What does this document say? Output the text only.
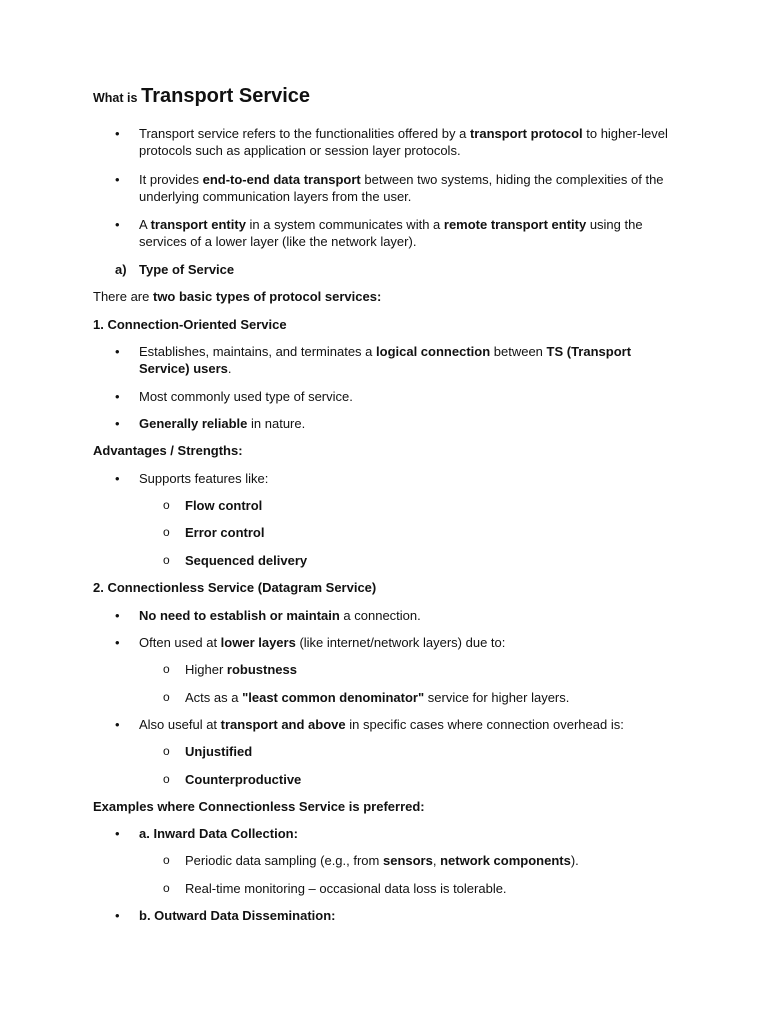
What is Transport Service
• Transport service refers to the functionalities offered by a transport protocol to higher-level protocols such as application or session layer protocols.
• It provides end-to-end data transport between two systems, hiding the complexities of the underlying communication layers from the user.
• A transport entity in a system communicates with a remote transport entity using the services of a lower layer (like the network layer).
a) Type of Service
There are two basic types of protocol services:
1. Connection-Oriented Service
• Establishes, maintains, and terminates a logical connection between TS (Transport Service) users.
• Most commonly used type of service.
• Generally reliable in nature.
Advantages / Strengths:
• Supports features like:
o Flow control
o Error control
o Sequenced delivery
2. Connectionless Service (Datagram Service)
• No need to establish or maintain a connection.
• Often used at lower layers (like internet/network layers) due to:
o Higher robustness
o Acts as a "least common denominator" service for higher layers.
• Also useful at transport and above in specific cases where connection overhead is:
o Unjustified
o Counterproductive
Examples where Connectionless Service is preferred:
• a. Inward Data Collection:
o Periodic data sampling (e.g., from sensors, network components).
o Real-time monitoring – occasional data loss is tolerable.
• b. Outward Data Dissemination:
